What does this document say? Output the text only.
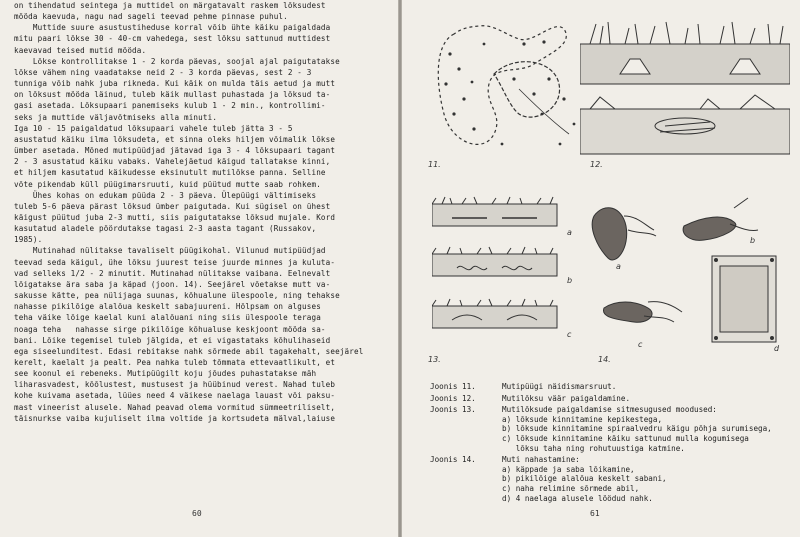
on tihendatud seintega ja muttidel on märgatavalt raskem lõksudest
mööda kaevuda, nagu nad sageli teevad pehme pinnase puhul.

Muttide suure asustustiheduse korral võib ühte käiku paigaldada
mitu paari lõkse 30 - 40-cm vahedega, sest lõksu sattunud muttidest
kaevavad teised mutid mööda.

Lõkse kontrollitakse 1 - 2 korda päevas, soojal ajal paigutatakse
lõkse vähem ning vaadatakse neid 2 - 3 korda päevas, sest 2 - 3
tunniga võib nahk juba rikneda. Kui käik on mulda täis aetud ja mutt
on lõksust mööda läinud, tuleb käik mullast puhastada ja lõksud ta-
gasi asetada. Lõksupaari panemiseks kulub 1 - 2 min., kontrollimi-
seks ja muttide väljavõtmiseks alla minuti.

Iga 10 - 15 paigaldatud lõksupaari vahele tuleb jätta 3 - 5
asustatud käiku ilma lõksudeta, et sinna oleks hiljem võimalik lõkse
ümber asetada. Mõned mutipüüdjad jätavad iga 3 - 4 lõksupaari tagant
2 - 3 asustatud käiku vabaks. Vahelejäetud käigud tallatakse kinni,
et hiljem kasutatud käikudesse eksinutult mutilõkse panna. Selline
võte pikendab küll püügimarsruuti, kuid püütud mutte saab rohkem.

Ühes kohas on edukam püüda 2 - 3 päeva. Ülepüügi vältimiseks
tuleb 5-6 päeva pärast lõksud ümber paigutada. Kui sügisel on ühest
käigust püütud juba 2-3 mutti, siis paigutatakse lõksud mujale. Kord
kasutatud aladele pöördutakse tagasi 2-3 aasta tagant (Russakov,
1985).

Mutinahad nülitakse tavaliselt püügikohal. Vilunud mutipüüdjad
teevad seda käigul, ühe lõksu juurest teise juurde minnes ja kuluta-
vad selleks 1/2 - 2 minutit. Mutinahad nülitakse vaibana. Eelnevalt
lõigatakse ära saba ja käpad (joon. 14). Seejärel võetakse mutt va-
sakusse kätte, pea nülijaga suunas, kõhualune ülespoole, ning tehakse
nahasse pikilõige alalõua keskelt sabajuureni. Hõlpsam on alguses
teha väike lõige kaelal kuni alalõuani ning siis ülespoole teraga
noaga teha   nahasse sirge pikilõige kõhualuse keskjoont mööda sa-
bani. Lõike tegemisel tuleb jälgida, et ei vigastataks kõhulihaseid
ega siseelunditest. Edasi rebitakse nahk sõrmede abil tagakehalt, seejärel
kerelt, kaelalt ja pealt. Pea nahka tuleb tõmmata ettevaatlikult, et
see koonul ei rebeneks. Mutipüügilt koju jõudes puhastatakse mäh
liharasvadest, kõõlustest, mustusest ja hüübinud verest. Nahad tuleb
kohe kuivama asetada, lüües need 4 väikese naelaga lauast või paksu-
mast vineerist alusele. Nahad peavad olema vormitud sümmeetriliselt,
täisnurkse vaiba kujuliselt ilma voltide ja kortsudeta mälval,laiuse

60
11.	12.
a
b
c
13.
a
b
c	d
14.
61
Joonis 11.	Mutipüügi näidismarsruut.
Joonis 12.	Mutilõksu väär paigaldamine.
Joonis 13.	Mutilõksude paigaldamise sitmesugused moodused:
a) lõksude kinnitamine kepikestega,
b) lõksude kinnitamine spiraalvedru käigu põhja surumisega,
c) lõksude kinnitamine käiku sattunud mulla kogumisega
lõksu taha ning rohutuustiga katmine.
Joonis 14.	Muti nahastamine:
a) käppade ja saba lõikamine,
b) pikilõige alalõua keskelt sabani,
c) naha relimine sõrmede abil,
d) 4 naelaga alusele löödud nahk.
